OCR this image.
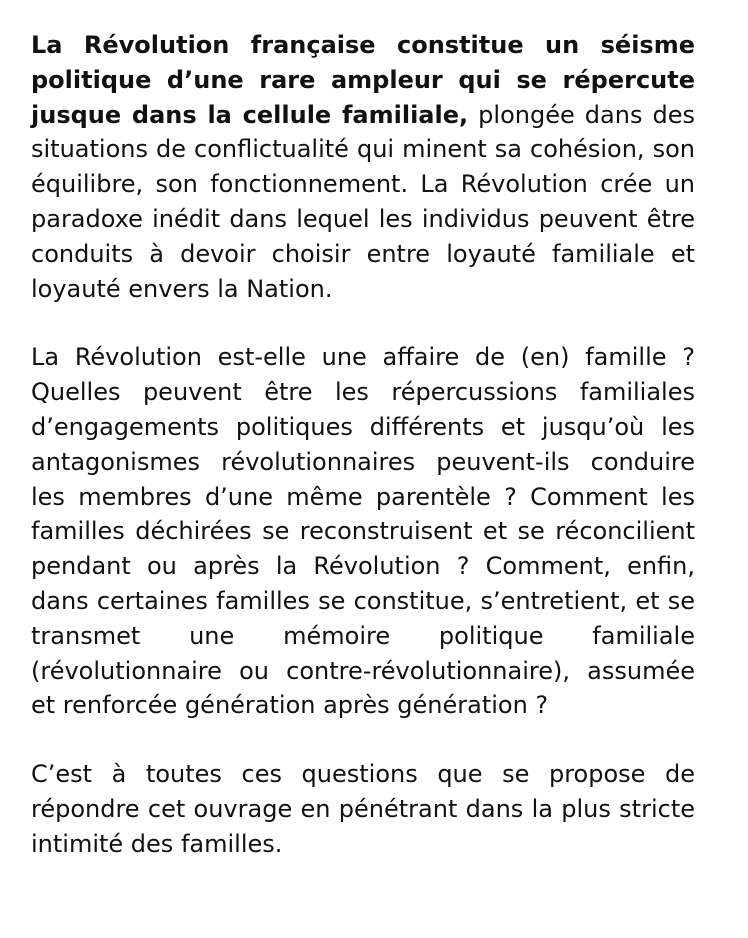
La Révolution française constitue un séisme politique d’une rare ampleur qui se répercute jusque dans la cellule familiale, plongée dans des situations de conflictualité qui minent sa cohésion, son équilibre, son fonctionnement. La Révolution crée un paradoxe inédit dans lequel les individus peuvent être conduits à devoir choisir entre loyauté familiale et loyauté envers la Nation.

La Révolution est-elle une affaire de (en) famille ? Quelles peuvent être les répercussions familiales d’engagements politiques différents et jusqu’où les antagonismes révolutionnaires peuvent-ils conduire les membres d’une même parentèle ? Comment les familles déchirées se reconstruisent et se réconcilient pendant ou après la Révolution ? Comment, enfin, dans certaines familles se constitue, s’entretient, et se transmet une mémoire politique familiale (révolutionnaire ou contre-révolutionnaire), assumée et renforcée génération après génération ?

C’est à toutes ces questions que se propose de répondre cet ouvrage en pénétrant dans la plus stricte intimité des familles.
